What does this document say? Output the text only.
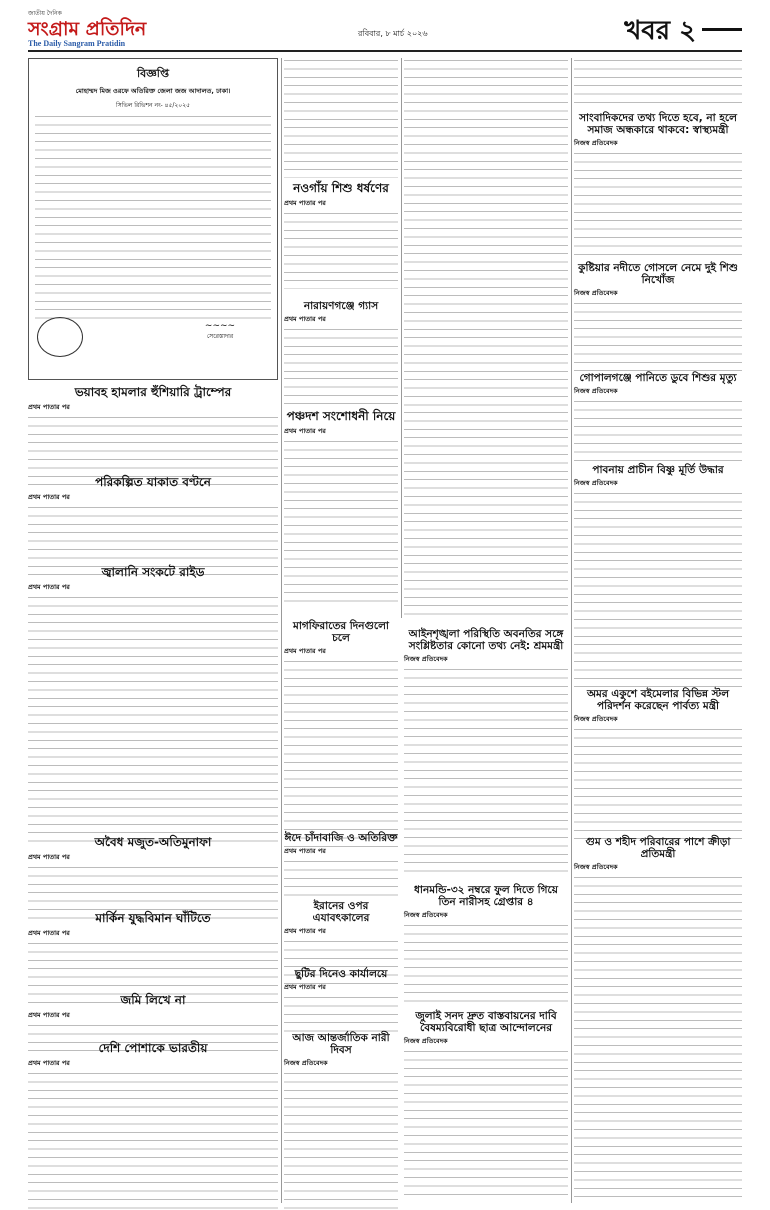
জাতীয় দৈনিক
সংগ্রাম প্রতিদিন
The Daily Sangram Pratidin
রবিবার, ৮ মার্চ ২০২৬	খবর ২
বিজ্ঞপ্তি
মোহাম্মদ মিজ ওরফে অতিরিক্ত জেলা জজ আদালত, ঢাকা।
সিভিল রিভিশন নং- ৪৫/২০২৫
~~~~
সেরেস্তাদার
ভয়াবহ হামলার হুঁশিয়ারি ট্রাম্পের
প্রথম পাতার পর
পরিকল্পিত যাকাত বণ্টনে
প্রথম পাতার পর
জ্বালানি সংকটে রাইড
প্রথম পাতার পর
অবৈধ মজুত-অতিমুনাফা
প্রথম পাতার পর
মার্কিন যুদ্ধবিমান ঘাঁটিতে
প্রথম পাতার পর
জমি লিখে না
প্রথম পাতার পর
দেশি পোশাকে ভারতীয়
প্রথম পাতার পর
নওগাঁয় শিশু ধর্ষণের
প্রথম পাতার পর
নারায়ণগঞ্জে গ্যাস
প্রথম পাতার পর
পঞ্চদশ সংশোধনী নিয়ে
প্রথম পাতার পর
মাগফিরাতের দিনগুলো চলে
প্রথম পাতার পর
ঈদে চাঁদাবাজি ও অতিরিক্ত
প্রথম পাতার পর
ইরানের ওপর এযাবৎকালের
প্রথম পাতার পর
ছুটির দিনেও কার্যালয়ে
প্রথম পাতার পর
আজ আন্তর্জাতিক নারী দিবস
নিজস্ব প্রতিবেদক
আইনশৃঙ্খলা পরিস্থিতি অবনতির সঙ্গে সংশ্লিষ্টতার কোনো তথ্য নেই: শ্রমমন্ত্রী
নিজস্ব প্রতিবেদক
ধানমন্ডি-৩২ নম্বরে ফুল দিতে গিয়ে তিন নারীসহ গ্রেপ্তার ৪
নিজস্ব প্রতিবেদক
জুলাই সনদ দ্রুত বাস্তবায়নের দাবি বৈষম্যবিরোধী ছাত্র আন্দোলনের
নিজস্ব প্রতিবেদক
সাংবাদিকদের তথ্য দিতে হবে, না হলে সমাজ অন্ধকারে থাকবে: স্বাস্থ্যমন্ত্রী
নিজস্ব প্রতিবেদক
কুষ্টিয়ার নদীতে গোসলে নেমে দুই শিশু নিখোঁজ
নিজস্ব প্রতিবেদক
গোপালগঞ্জে পানিতে ডুবে শিশুর মৃত্যু
নিজস্ব প্রতিবেদক
পাবনায় প্রাচীন বিষ্ণু মূর্তি উদ্ধার
নিজস্ব প্রতিবেদক
অমর একুশে বইমেলার বিভিন্ন স্টল পরিদর্শন করেছেন পার্বত্য মন্ত্রী
নিজস্ব প্রতিবেদক
গুম ও শহীদ পরিবারের পাশে ক্রীড়া প্রতিমন্ত্রী
নিজস্ব প্রতিবেদক
